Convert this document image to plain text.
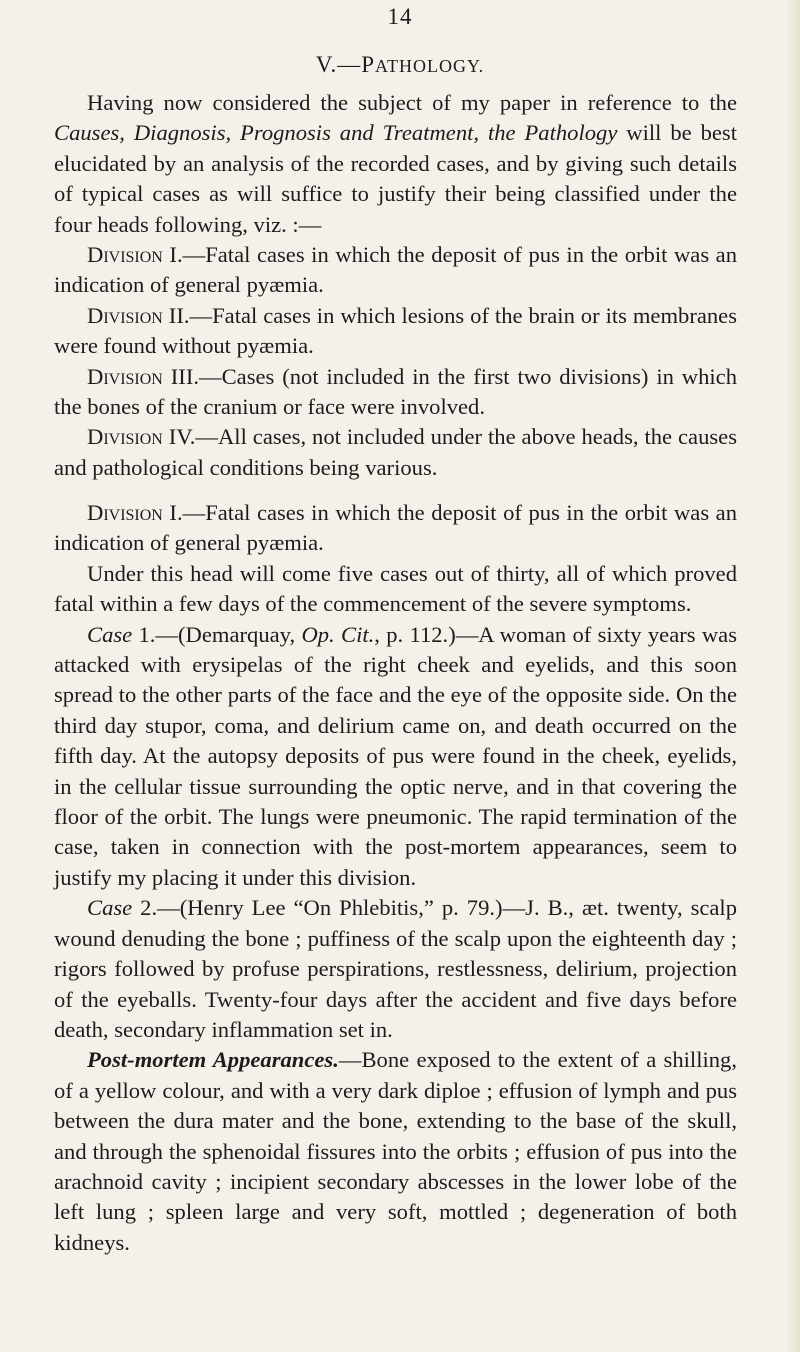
14
V.—PATHOLOGY.

Having now considered the subject of my paper in reference to the Causes, Diagnosis, Prognosis and Treatment, the Pathology will be best elucidated by an analysis of the recorded cases, and by giving such details of typical cases as will suffice to justify their being classified under the four heads following, viz. :—

Division I.—Fatal cases in which the deposit of pus in the orbit was an indication of general pyæmia.

Division II.—Fatal cases in which lesions of the brain or its membranes were found without pyæmia.

Division III.—Cases (not included in the first two divisions) in which the bones of the cranium or face were involved.

Division IV.—All cases, not included under the above heads, the causes and pathological conditions being various.

Division I.—Fatal cases in which the deposit of pus in the orbit was an indication of general pyæmia.

Under this head will come five cases out of thirty, all of which proved fatal within a few days of the commencement of the severe symptoms.

Case 1.—(Demarquay, Op. Cit., p. 112.)—A woman of sixty years was attacked with erysipelas of the right cheek and eyelids, and this soon spread to the other parts of the face and the eye of the opposite side. On the third day stupor, coma, and delirium came on, and death occurred on the fifth day. At the autopsy deposits of pus were found in the cheek, eyelids, in the cellular tissue surrounding the optic nerve, and in that covering the floor of the orbit. The lungs were pneumonic. The rapid termination of the case, taken in connection with the post-mortem appearances, seem to justify my placing it under this division.

Case 2.—(Henry Lee “On Phlebitis,” p. 79.)—J. B., æt. twenty, scalp wound denuding the bone ; puffiness of the scalp upon the eighteenth day ; rigors followed by profuse perspirations, restlessness, delirium, projection of the eyeballs. Twenty-four days after the accident and five days before death, secondary inflammation set in.

Post-mortem Appearances.—Bone exposed to the extent of a shilling, of a yellow colour, and with a very dark diploe ; effusion of lymph and pus between the dura mater and the bone, extending to the base of the skull, and through the sphenoidal fissures into the orbits ; effusion of pus into the arachnoid cavity ; incipient secondary abscesses in the lower lobe of the left lung ; spleen large and very soft, mottled ; degeneration of both kidneys.
